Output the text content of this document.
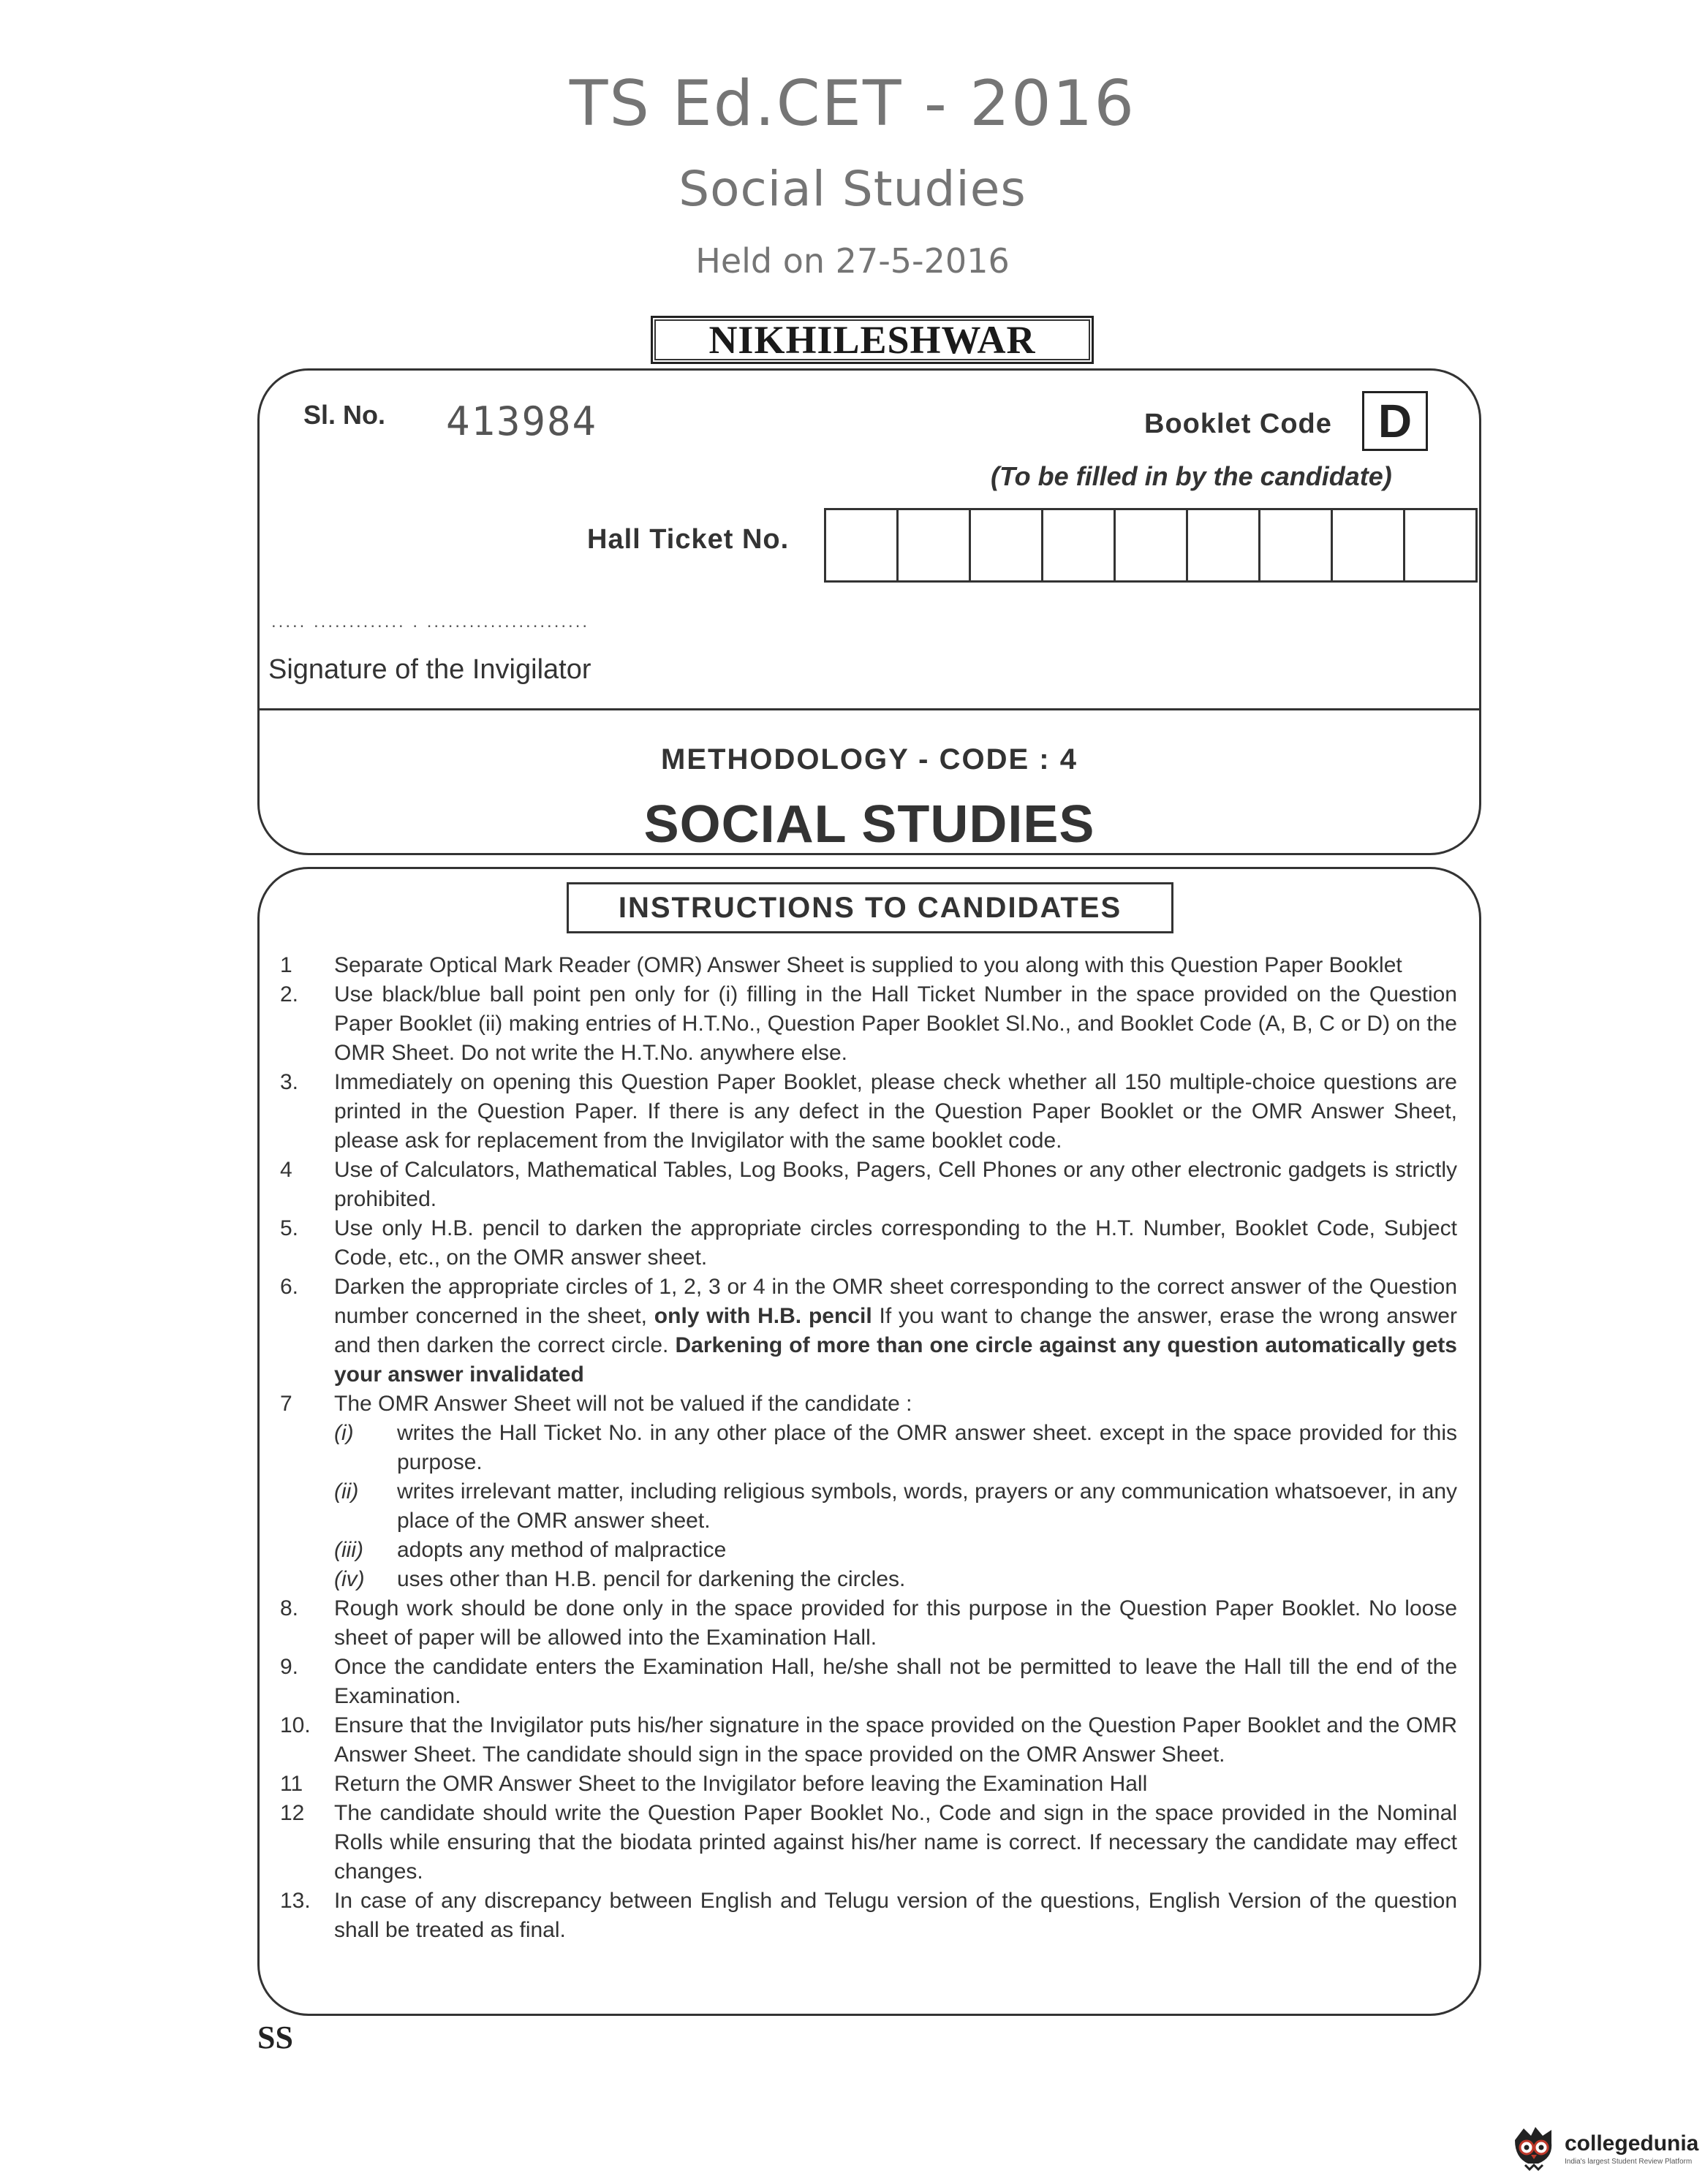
TS Ed.CET - 2016
Social Studies
Held on 27-5-2016
NIKHILESHWAR
Sl. No. 413984	Booklet Code D
(To be filled in by the candidate)
Hall Ticket No.
..... ............. . .......................
Signature of the Invigilator
METHODOLOGY - CODE : 4
SOCIAL STUDIES
INSTRUCTIONS TO CANDIDATES
1	Separate Optical Mark Reader (OMR) Answer Sheet is supplied to you along with this Question Paper Booklet
2.	Use black/blue ball point pen only for (i) filling in the Hall Ticket Number in the space provided on the Question Paper Booklet (ii) making entries of H.T.No., Question Paper Booklet Sl.No., and Booklet Code (A, B, C or D) on the OMR Sheet. Do not write the H.T.No. anywhere else.
3.	Immediately on opening this Question Paper Booklet, please check whether all 150 multiple-choice questions are printed in the Question Paper. If there is any defect in the Question Paper Booklet or the OMR Answer Sheet, please ask for replacement from the Invigilator with the same booklet code.
4	Use of Calculators, Mathematical Tables, Log Books, Pagers, Cell Phones or any other electronic gadgets is strictly prohibited.
5.	Use only H.B. pencil to darken the appropriate circles corresponding to the H.T. Number, Booklet Code, Subject Code, etc., on the OMR answer sheet.
6.	Darken the appropriate circles of 1, 2, 3 or 4 in the OMR sheet corresponding to the correct answer of the Question number concerned in the sheet, only with H.B. pencil If you want to change the answer, erase the wrong answer and then darken the correct circle. Darkening of more than one circle against any question automatically gets your answer invalidated
7	The OMR Answer Sheet will not be valued if the candidate :
(i)	writes the Hall Ticket No. in any other place of the OMR answer sheet. except in the space provided for this purpose.
(ii)	writes irrelevant matter, including religious symbols, words, prayers or any communication whatsoever, in any place of the OMR answer sheet.
(iii)	adopts any method of malpractice
(iv)	uses other than H.B. pencil for darkening the circles.
8.	Rough work should be done only in the space provided for this purpose in the Question Paper Booklet. No loose sheet of paper will be allowed into the Examination Hall.
9.	Once the candidate enters the Examination Hall, he/she shall not be permitted to leave the Hall till the end of the Examination.
10.	Ensure that the Invigilator puts his/her signature in the space provided on the Question Paper Booklet and the OMR Answer Sheet. The candidate should sign in the space provided on the OMR Answer Sheet.
11	Return the OMR Answer Sheet to the Invigilator before leaving the Examination Hall
12	The candidate should write the Question Paper Booklet No., Code and sign in the space provided in the Nominal Rolls while ensuring that the biodata printed against his/her name is correct. If necessary the candidate may effect changes.
13.	In case of any discrepancy between English and Telugu version of the questions, English Version of the question shall be treated as final.
SS
collegedunia
India's largest Student Review Platform
